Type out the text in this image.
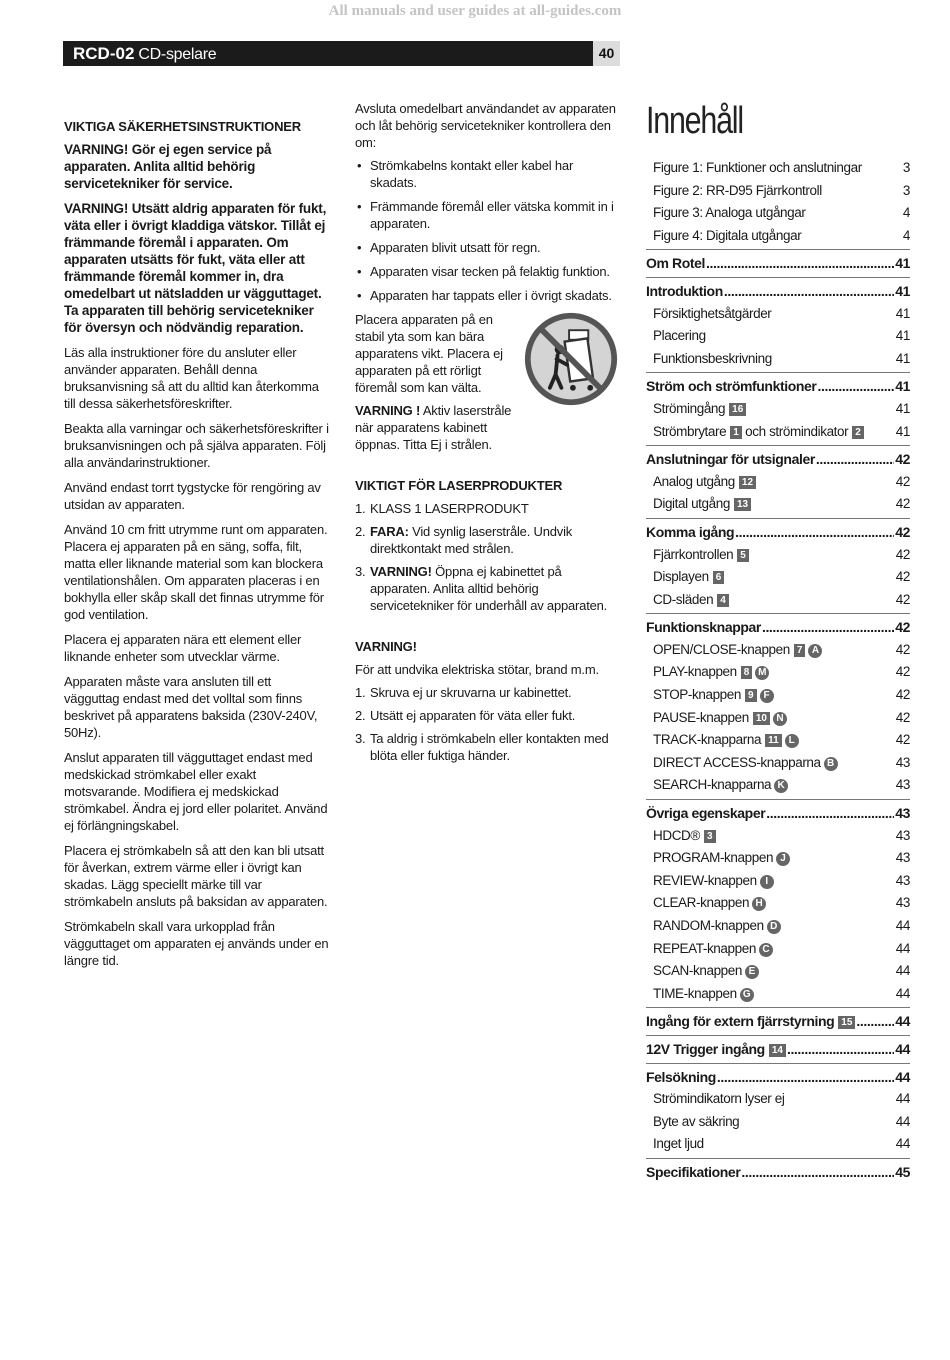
All manuals and user guides at all-guides.com
RCD-02 CD-spelare	40
VIKTIGA SÄKERHETSINSTRUKTIONER

VARNING! Gör ej egen service på apparaten. Anlita alltid behörig servicetekniker för service.

VARNING! Utsätt aldrig apparaten för fukt, väta eller i övrigt kladdiga vätskor. Tillåt ej främmande föremål i apparaten. Om apparaten utsätts för fukt, väta eller att främmande föremål kommer in, dra omedelbart ut nätsladden ur vägguttaget. Ta apparaten till behörig servicetekniker för översyn och nödvändig reparation.

Läs alla instruktioner före du ansluter eller använder apparaten. Behåll denna bruksanvisning så att du alltid kan återkomma till dessa säkerhetsföreskrifter.

Beakta alla varningar och säkerhetsföreskrifter i bruksanvisningen och på själva apparaten. Följ alla användarinstruktioner.

Använd endast torrt tygstycke för rengöring av utsidan av apparaten.

Använd 10 cm fritt utrymme runt om apparaten. Placera ej apparaten på en säng, soffa, filt, matta eller liknande material som kan blockera ventilationshålen. Om apparaten placeras i en bokhylla eller skåp skall det finnas utrymme för god ventilation.

Placera ej apparaten nära ett element eller liknande enheter som utvecklar värme.

Apparaten måste vara ansluten till ett vägguttag endast med det volltal som finns beskrivet på apparatens baksida (230V-240V, 50Hz).

Anslut apparaten till vägguttaget endast med medskickad strömkabel eller exakt motsvarande. Modifiera ej medskickad strömkabel. Ändra ej jord eller polaritet. Använd ej förlängningskabel.

Placera ej strömkabeln så att den kan bli utsatt för åverkan, extrem värme eller i övrigt kan skadas. Lägg speciellt märke till var strömkabeln ansluts på baksidan av apparaten.

Strömkabeln skall vara urkopplad från vägguttaget om apparaten ej används under en längre tid.

Avsluta omedelbart användandet av apparaten och låt behörig servicetekniker kontrollera den om:

• Strömkabelns kontakt eller kabel har skadats.
• Främmande föremål eller vätska kommit in i apparaten.
• Apparaten blivit utsatt för regn.
• Apparaten visar tecken på felaktig funktion.
• Apparaten har tappats eller i övrigt skadats.

Placera apparaten på en stabil yta som kan bära apparatens vikt. Placera ej apparaten på ett rörligt föremål som kan välta.

VARNING ! Aktiv laserstråle när apparatens kabinett öppnas. Titta Ej i strålen.

VIKTIGT FÖR LASERPRODUKTER
1. KLASS 1 LASERPRODUKT
2. FARA: Vid synlig laserstråle. Undvik direktkontakt med strålen.
3. VARNING! Öppna ej kabinettet på apparaten. Anlita alltid behörig servicetekniker för underhåll av apparaten.
VARNING!

För att undvika elektriska stötar, brand m.m.

1. Skruva ej ur skruvarna ur kabinettet.
2. Utsätt ej apparaten för väta eller fukt.
3. Ta aldrig i strömkabeln eller kontakten med blöta eller fuktiga händer.
Innehåll
Figure 1: Funktioner och anslutningar	3
Figure 2: RR-D95 Fjärrkontroll	3
Figure 3: Analoga utgångar	4
Figure 4: Digitala utgångar	4
Om Rotel .....	41
Introduktion .....	41
Försiktighetsåtgärder	41
Placering	41
Funktionsbeskrivning	41
Ström och strömfunktioner .....	41
Strömingång 16	41
Strömbrytare 1 och strömindikator 2	41
Anslutningar för utsignaler .....	42
Analog utgång 12	42
Digital utgång 13	42
Komma igång .....	42
Fjärrkontrollen 5	42
Displayen 6	42
CD-släden 4	42
Funktionsknappar .....	42
OPEN/CLOSE-knappen 7 A	42
PLAY-knappen 8 M	42
STOP-knappen 9 F	42
PAUSE-knappen 10 N	42
TRACK-knapparna 11 L	42
DIRECT ACCESS-knapparna B	43
SEARCH-knapparna K	43
Övriga egenskaper .....	43
HDCD® 3	43
PROGRAM-knappen J	43
REVIEW-knappen I	43
CLEAR-knappen H	43
RANDOM-knappen D	44
REPEAT-knappen C	44
SCAN-knappen E	44
TIME-knappen G	44
Ingång för extern fjärrstyrning 15 .....	44
12V Trigger ingång 14 .....	44
Felsökning .....	44
Strömindikatorn lyser ej	44
Byte av säkring	44
Inget ljud	44
Specifikationer .....	45
